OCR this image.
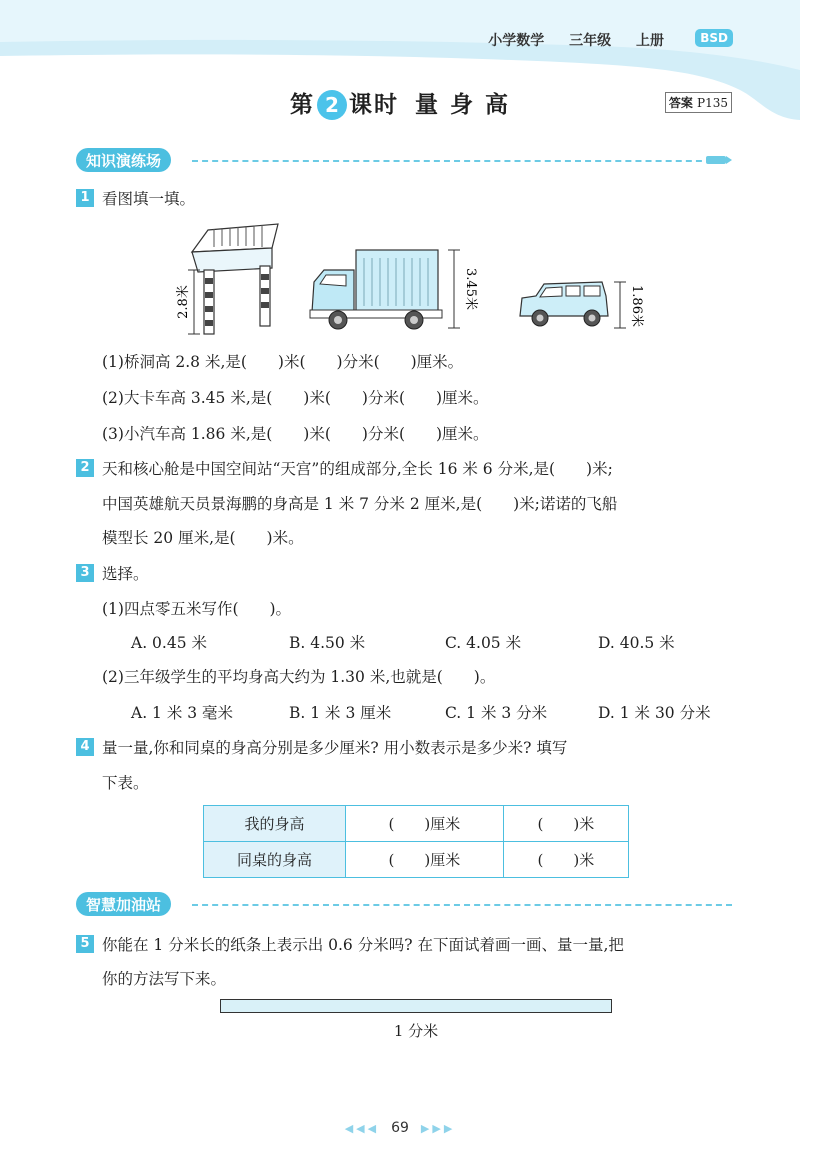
小学数学 三年级 上册	BSD
第 2 课时 量 身 高	答案 P135
知识演练场
1 看图填一填。
2.8米	3.45米	1.86米
(1)桥洞高 2.8 米,是(　　)米(　　)分米(　　)厘米。
(2)大卡车高 3.45 米,是(　　)米(　　)分米(　　)厘米。
(3)小汽车高 1.86 米,是(　　)米(　　)分米(　　)厘米。
2 天和核心舱是中国空间站“天宫”的组成部分,全长 16 米 6 分米,是(　　)米;
中国英雄航天员景海鹏的身高是 1 米 7 分米 2 厘米,是(　　)米;诺诺的飞船
模型长 20 厘米,是(　　)米。
3 选择。
(1)四点零五米写作(　　)。
A. 0.45 米	B. 4.50 米	C. 4.05 米	D. 40.5 米
(2)三年级学生的平均身高大约为 1.30 米,也就是(　　)。
A. 1 米 3 毫米	B. 1 米 3 厘米	C. 1 米 3 分米	D. 1 米 30 分米
4 量一量,你和同桌的身高分别是多少厘米? 用小数表示是多少米? 填写
下表。
我的身高	(　　)厘米	(　　)米
同桌的身高	(　　)厘米	(　　)米
智慧加油站
5 你能在 1 分米长的纸条上表示出 0.6 分米吗? 在下面试着画一画、量一量,把
你的方法写下来。
1 分米
◀◀◀ 69 ▶▶▶
